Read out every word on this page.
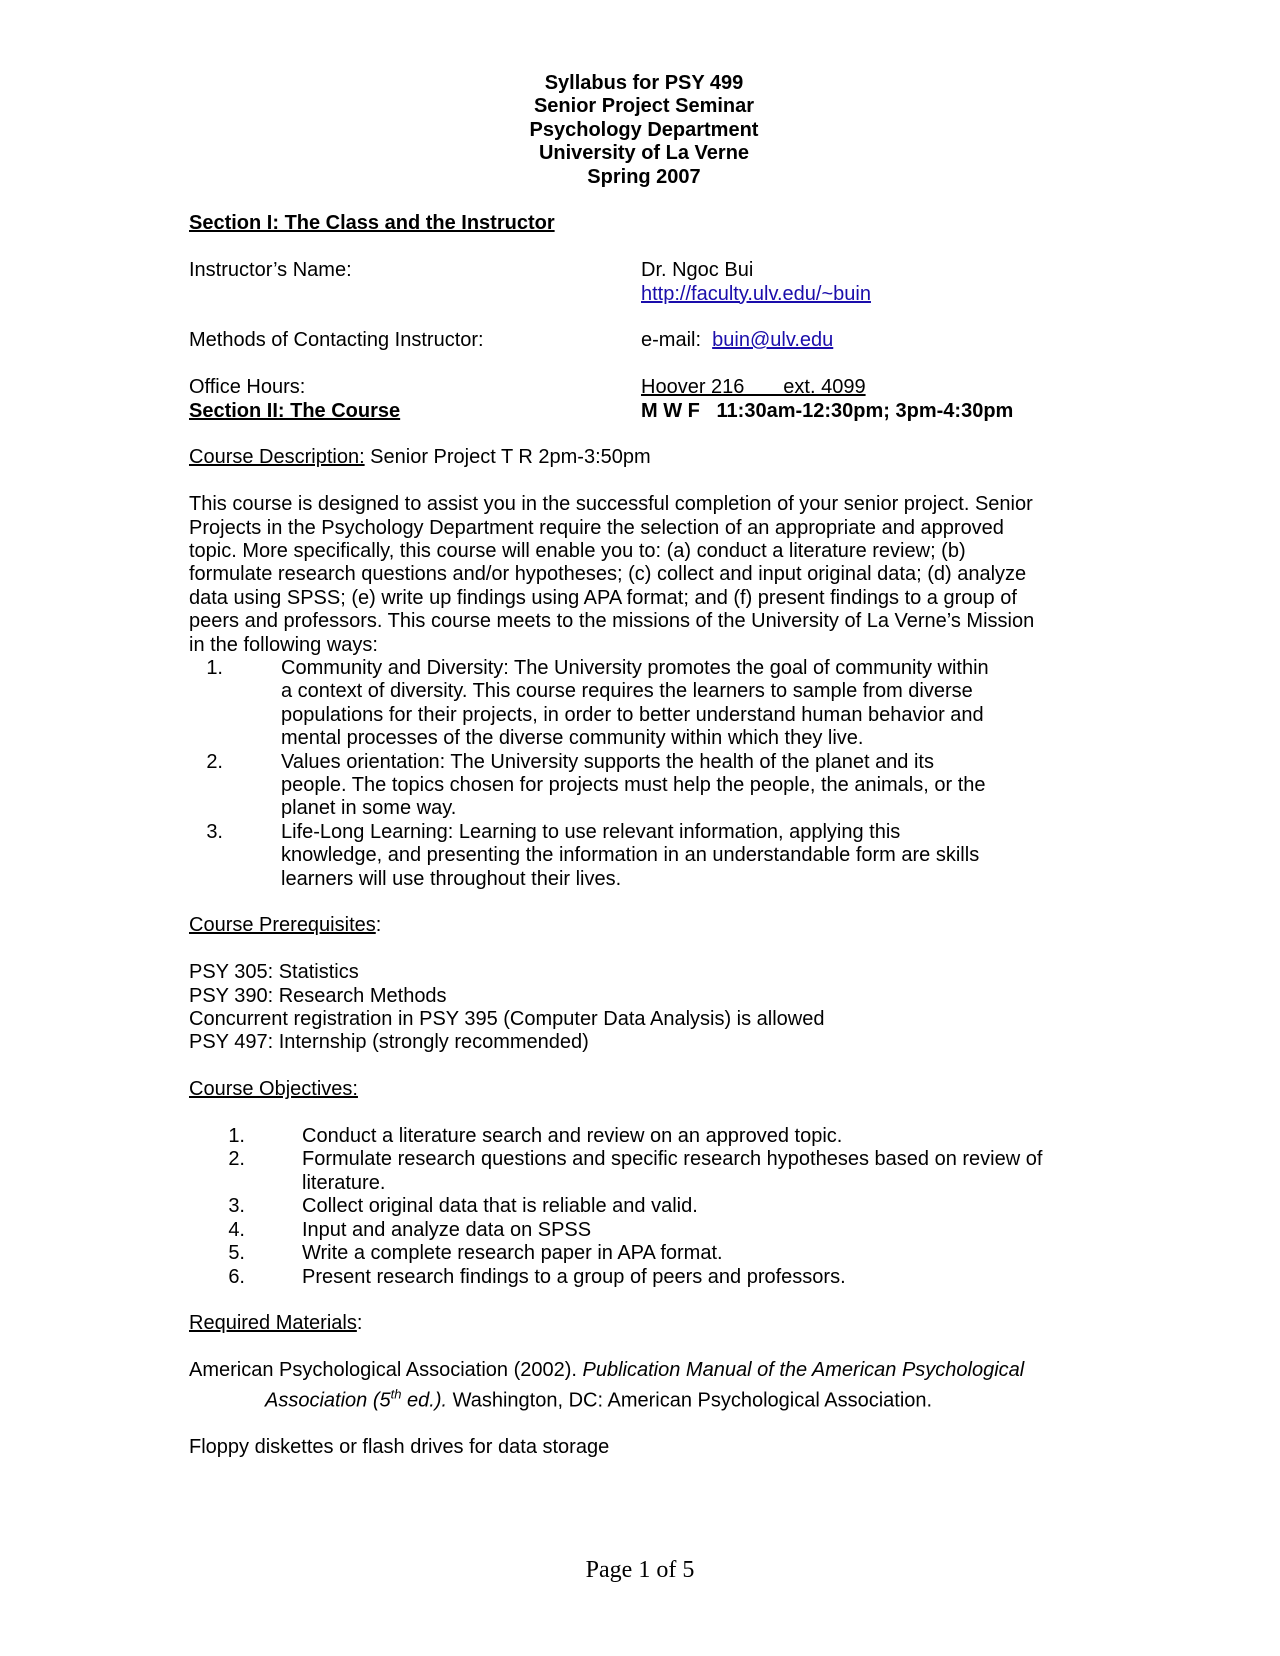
Syllabus for PSY 499
Senior Project Seminar
Psychology Department
University of La Verne
Spring 2007

Section I: The Class and the Instructor

Instructor’s Name:	Dr. Ngoc Bui
http://faculty.ulv.edu/~buin
Methods of Contacting Instructor:	e-mail: buin@ulv.edu
Office Hours:	Hoover 216       ext. 4099
M W F   11:30am-12:30pm; 3pm-4:30pm

Section II: The Course

Course Description: Senior Project T R 2pm-3:50pm

This course is designed to assist you in the successful completion of your senior project. Senior
Projects in the Psychology Department require the selection of an appropriate and approved
topic. More specifically, this course will enable you to: (a) conduct a literature review; (b)
formulate research questions and/or hypotheses; (c) collect and input original data; (d) analyze
data using SPSS; (e) write up findings using APA format; and (f) present findings to a group of
peers and professors. This course meets to the missions of the University of La Verne’s Mission
in the following ways:
1.	Community and Diversity: The University promotes the goal of community within
a context of diversity. This course requires the learners to sample from diverse
populations for their projects, in order to better understand human behavior and
mental processes of the diverse community within which they live.
2.	Values orientation: The University supports the health of the planet and its
people. The topics chosen for projects must help the people, the animals, or the
planet in some way.
3.	Life-Long Learning: Learning to use relevant information, applying this
knowledge, and presenting the information in an understandable form are skills
learners will use throughout their lives.

Course Prerequisites:

PSY 305: Statistics
PSY 390: Research Methods
Concurrent registration in PSY 395 (Computer Data Analysis) is allowed
PSY 497: Internship (strongly recommended)

Course Objectives:

1.	Conduct a literature search and review on an approved topic.
2.	Formulate research questions and specific research hypotheses based on review of
literature.
3.	Collect original data that is reliable and valid.
4.	Input and analyze data on SPSS
5.	Write a complete research paper in APA format.
6.	Present research findings to a group of peers and professors.

Required Materials:

American Psychological Association (2002). Publication Manual of the American Psychological
Association (5th ed.). Washington, DC: American Psychological Association.

Floppy diskettes or flash drives for data storage

Page 1 of 5
